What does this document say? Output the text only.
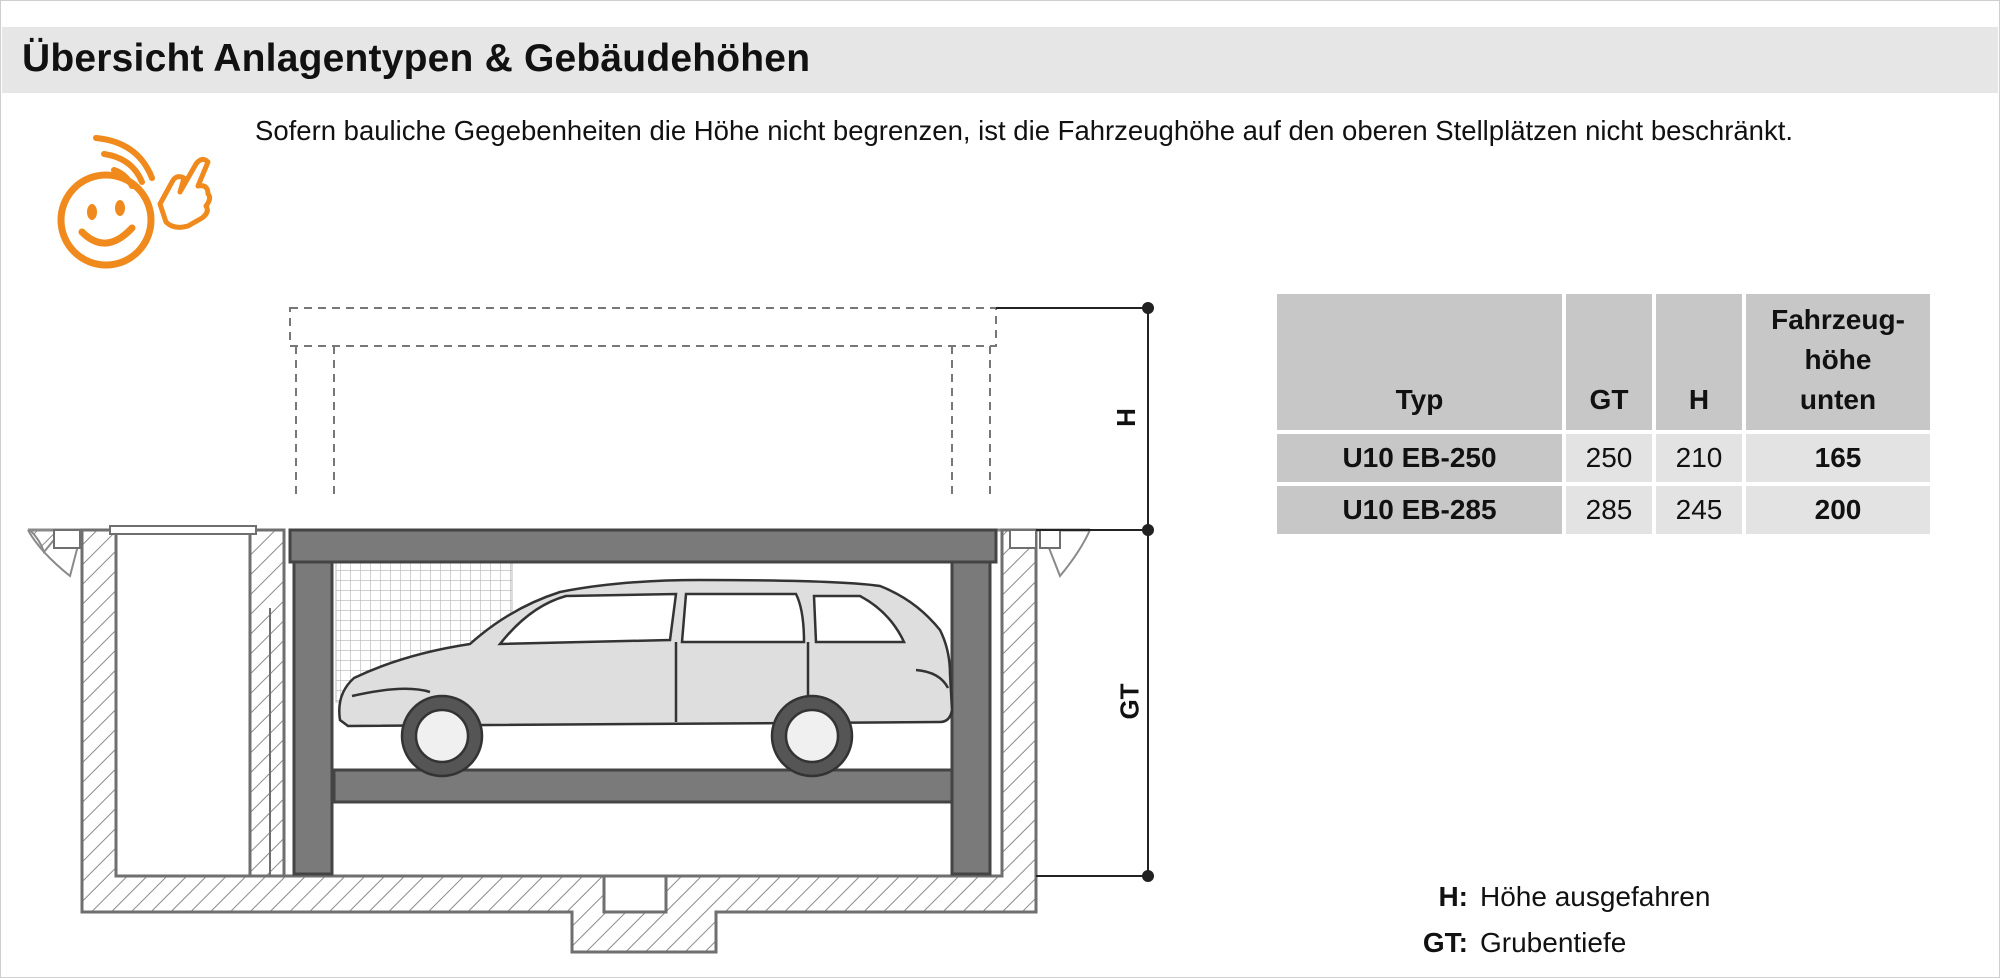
Übersicht Anlagentypen & Gebäudehöhen
Sofern bauliche Gegebenheiten die Höhe nicht begrenzen, ist die Fahrzeughöhe auf den oberen Stellplätzen nicht beschränkt.
H
GT
Typ	GT	H	Fahrzeug-
höhe
unten
U10 EB-250	250	210	165
U10 EB-285	285	245	200
H: Höhe ausgefahren
GT: Grubentiefe
